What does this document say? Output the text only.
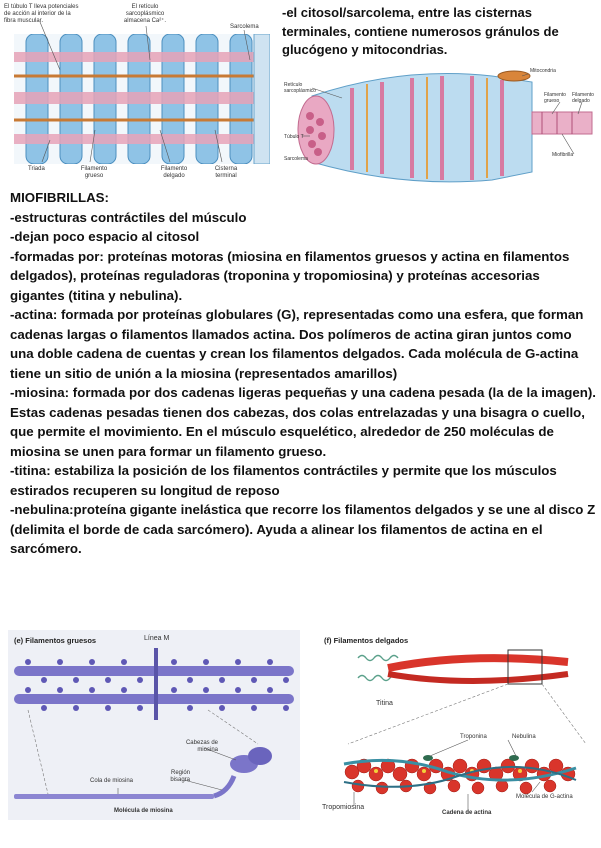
El túbulo T lleva potenciales de acción al interior de la fibra muscular.
El retículo sarcoplásmico almacena Ca²⁺.
Sarcolema
Triada	Filamento grueso
Filamento delgado
Cisterna terminal
-el citosol/sarcolema, entre las cisternas terminales, contiene numerosos gránulos de glucógeno y mitocondrias.
Mitocondria
Retículo sarcoplásmico
Filamento grueso
Filamento delgado
Túbulo T
Sarcolema
Miofibrilla
MIOFIBRILLAS:
-estructuras contráctiles del músculo
-dejan poco espacio al citosol
-formadas por: proteínas motoras (miosina en filamentos gruesos y actina en filamentos delgados), proteínas reguladoras (troponina y tropomiosina) y proteínas accesorias gigantes (titina y nebulina).
-actina: formada por proteínas globulares (G), representadas como una esfera, que forman cadenas largas o filamentos llamados actina. Dos polímeros de actina giran juntos como una doble cadena de cuentas y crean los filamentos delgados. Cada molécula de G-actina tiene un sitio de unión a la miosina (representados amarillos)
-miosina: formada por dos cadenas ligeras pequeñas y una cadena pesada (la de la imagen). Estas cadenas pesadas tienen dos cabezas, dos colas entrelazadas y una bisagra o cuello, que permite el movimiento. En el músculo esquelético, alrededor de 250 moléculas de miosina se unen para formar un filamento grueso.
-titina: estabiliza la posición de los filamentos contráctiles y permite que los músculos estirados recuperen su longitud de reposo
-nebulina:proteína gigante inelástica que recorre los filamentos delgados y se une al disco Z (delimita el borde de cada sarcómero). Ayuda a alinear los filamentos de actina en el sarcómero.
(e) Filamentos gruesos	Línea M
Cabezas de miosina
Región bisagra
Cola de miosina
Molécula de miosina
(f) Filamentos delgados
Titina
Troponina	Nebulina
Tropomiosina
Molécula de G-actina
Cadena de actina
